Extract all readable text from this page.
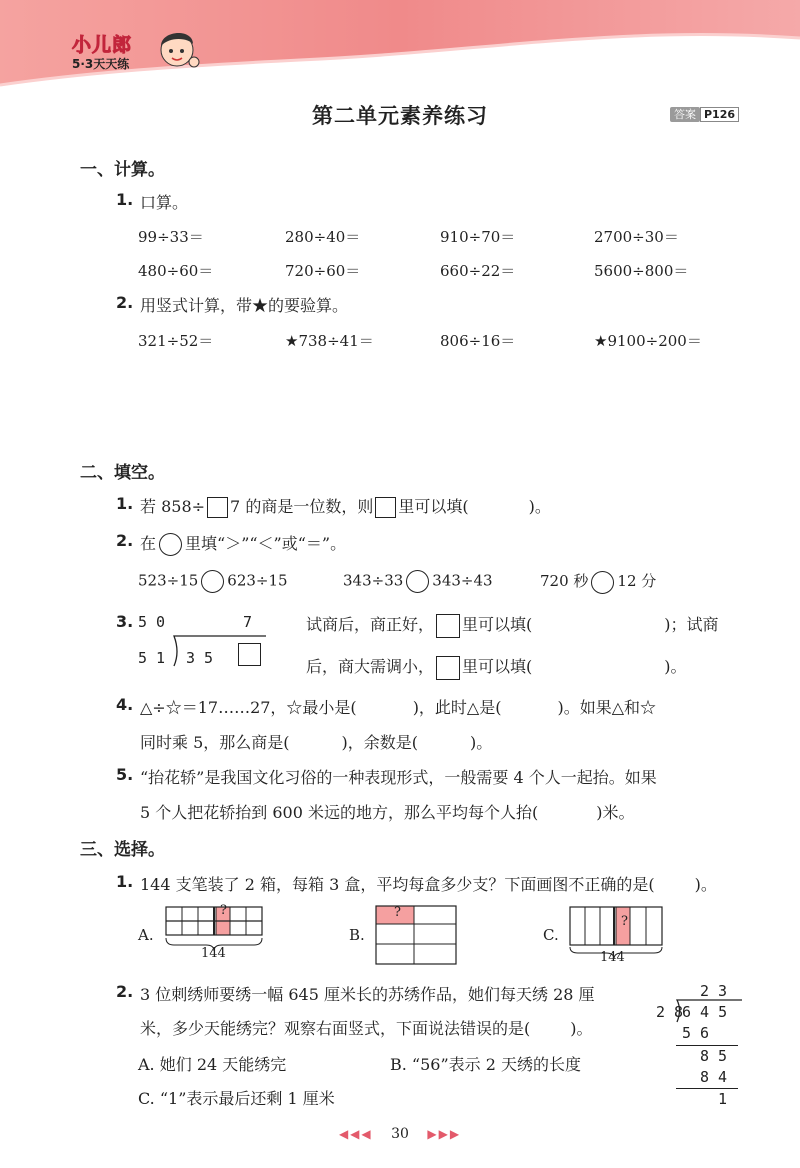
小儿郎
5·3天天练
第二单元素养练习	答案 P126
一、计算。
1. 口算。
99÷33＝	280÷40＝	910÷70＝	2700÷30＝
480÷60＝	720÷60＝	660÷22＝	5600÷800＝
2. 用竖式计算，带★的要验算。
321÷52＝	★738÷41＝	806÷16＝	★9100÷200＝
二、填空。
1. 若 858÷ 7 的商是一位数，则 里可以填(	)。
2. 在 里填“＞”“＜”或“＝”。
523÷15 623÷15	343÷33 343÷43	720 秒 12 分
3. 5 0	7
5 1 3 5
试商后，商正好， 里可以填(	)；试商
后，商大需调小， 里可以填(	)。
4. △÷☆＝17……27，☆最小是(	)，此时△是(	)。如果△和☆
同时乘 5，那么商是(	)，余数是(	)。
5. “抬花轿”是我国文化习俗的一种表现形式，一般需要 4 个人一起抬。如果
5 个人把花轿抬到 600 米远的地方，那么平均每个人抬(	)米。
三、选择。
1. 144 支笔装了 2 箱，每箱 3 盒，平均每盒多少支？下面画图不正确的是(	)。
A.
?
144
B.
?
C.
?
144
2. 3 位刺绣师要绣一幅 645 厘米长的苏绣作品，她们每天绣 28 厘
米，多少天能绣完？观察右面竖式，下面说法错误的是(	)。
A. 她们 24 天能绣完	B. “56”表示 2 天绣的长度
C. “1”表示最后还剩 1 厘米
2 3
2 8
6 4 5
5 6
8 5
8 4
1
◀◀◀ 30 ▶▶▶
